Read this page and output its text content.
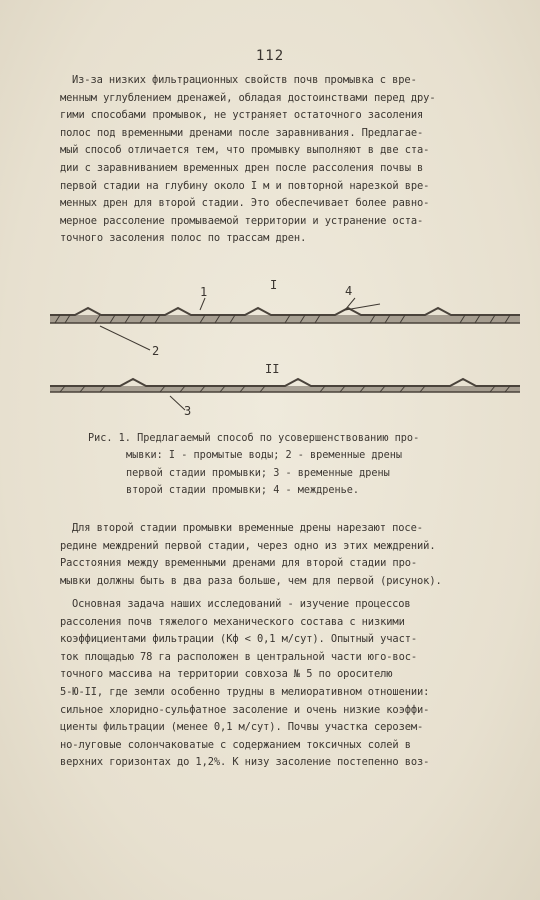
112
Из-за низких фильтрационных свойств почв промывка с вре-
менным углублением дренажей, обладая достоинствами перед дру-
гими способами промывок, не устраняет остаточного засоления
полос под временными дренами после заравнивания. Предлагае-
мый способ отличается тем, что промывку выполняют в две ста-
дии с заравниванием временных дрен после рассоления почвы в
первой стадии на глубину около I м и повторной нарезкой вре-
менных дрен для второй стадии. Это обеспечивает более равно-
мерное рассоление промываемой территории и устранение оста-
точного засоления полос по трассам дрен.
I
II
1
2
3
4
Рис. 1. Предлагаемый способ по усовершенствованию про-
мывки: I - промытые воды; 2 - временные дрены
первой стадии промывки; 3 - временные дрены
второй стадии промывки; 4 - междренье.
Для второй стадии промывки временные дрены нарезают посе-
редине междрений первой стадии, через одно из этих междрений.
Расстояния между временными дренами для второй стадии про-
мывки должны быть в два раза больше, чем для первой (рисунок).
Основная задача наших исследований - изучение процессов
рассоления почв тяжелого механического состава с низкими
коэффициентами фильтрации (Кф < 0,1 м/сут). Опытный участ-
ток площадью 78 га расположен в центральной части юго-вос-
точного массива на территории совхоза № 5 по оросителю
5-Ю-II, где земли особенно трудны в мелиоративном отношении:
сильное хлоридно-сульфатное засоление и очень низкие коэффи-
циенты фильтрации (менее 0,1 м/сут). Почвы участка серозем-
но-луговые солончаковатые с содержанием токсичных солей в
верхних горизонтах до 1,2%. К низу засоление постепенно воз-
